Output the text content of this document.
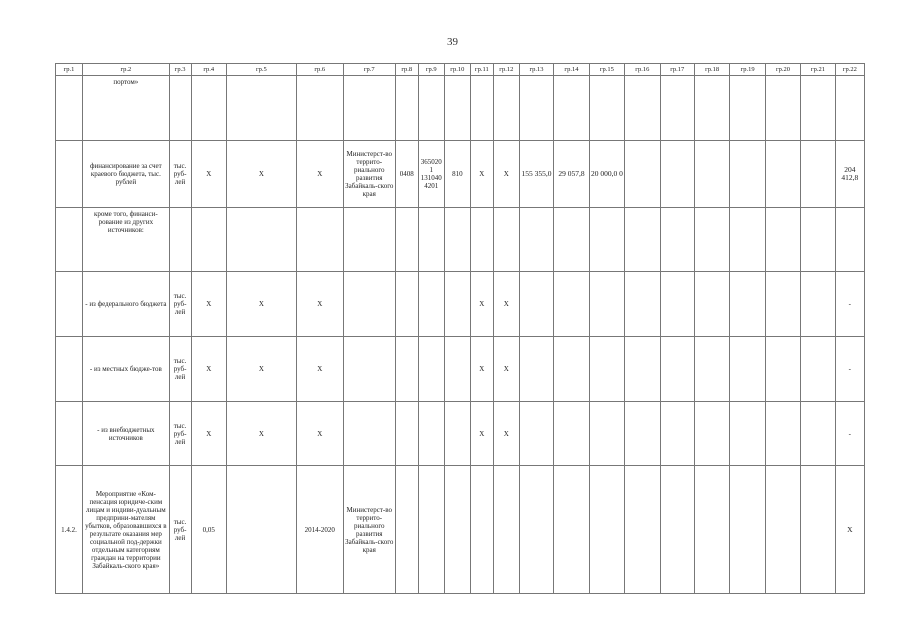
39
гр.1	гр.2	гр.3	гр.4	гр.5	гр.6	гр.7	гр.8	гр.9	гр.10	гр.11	гр.12	гр.13	гр.14	гр.15	гр.16	гр.17	гр.18	гр.19	гр.20	гр.21	гр.22
	портом»																				
	финансирование за счет краевого бюджета, тыс. рублей	тыс. руб-лей	X	X	X	Министерст-во террито-риального развития Забайкаль-ского края	0408	365020 1 131040 4201	810	X	X	155 355,0	29 057,8	20 000,0 0							204 412,8
	кроме того, финанси-рование из других источников:																				
	- из федерального бюджета	тыс. руб-лей	X	X	X					X	X										-
	- из местных бюдже-тов	тыс. руб-лей	X	X	X					X	X										-
	- из внебюджетных источников	тыс. руб-лей	X	X	X					X	X										-
1.4.2.	Мероприятие «Ком-пенсация юридиче-ским лицам и индиви-дуальным предприни-мателям убытков, образовавшихся в результате оказания мер социальной под-держки отдельным категориям граждан на территории Забайкаль-ского края»	тыс. руб-лей	0,05		2014-2020	Министерст-во террито-риального развития Забайкаль-ского края															X
